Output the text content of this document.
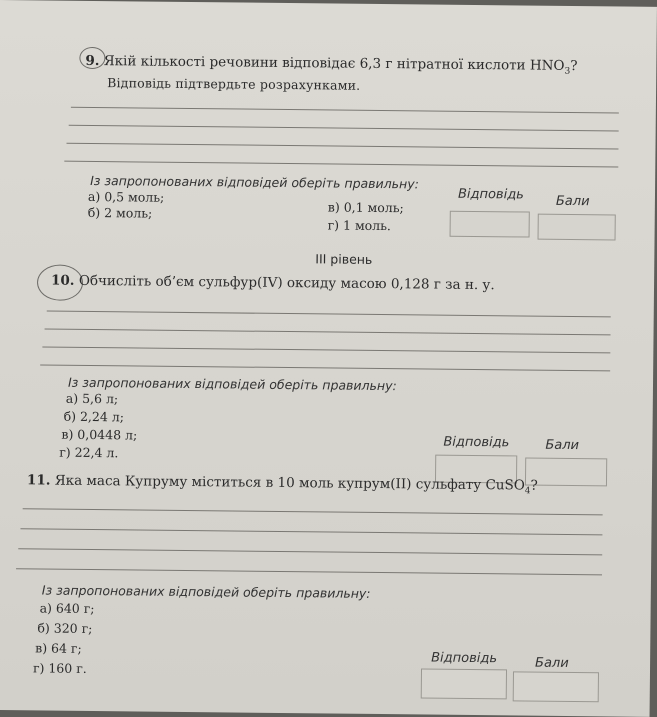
9. Якій кількості речовини відповідає 6,3 г нітратної кислоти $HNO_3$?
Відповідь підтвердьте розрахунками.
Із запропонованих відповідей оберіть правильну:
а) 0,5 моль;
б) 2 моль;	в) 0,1 моль;
г) 1 моль.
Відповідь Бали
III рівень
10. Обчисліть об’єм сульфур(IV) оксиду масою 0,128 г за н. у.
Із запропонованих відповідей оберіть правильну:
а) 5,6 л;
б) 2,24 л;
в) 0,0448 л;
г) 22,4 л.
Відповідь	Бали
11. Яка маса Купруму міститься в 10 моль купрум(II) сульфату CuSO$_4$?
Із запропонованих відповідей оберіть правильну:
а) 640 г;
б) 320 г;
в) 64 г;
г) 160 г.
Відповідь	Бали
